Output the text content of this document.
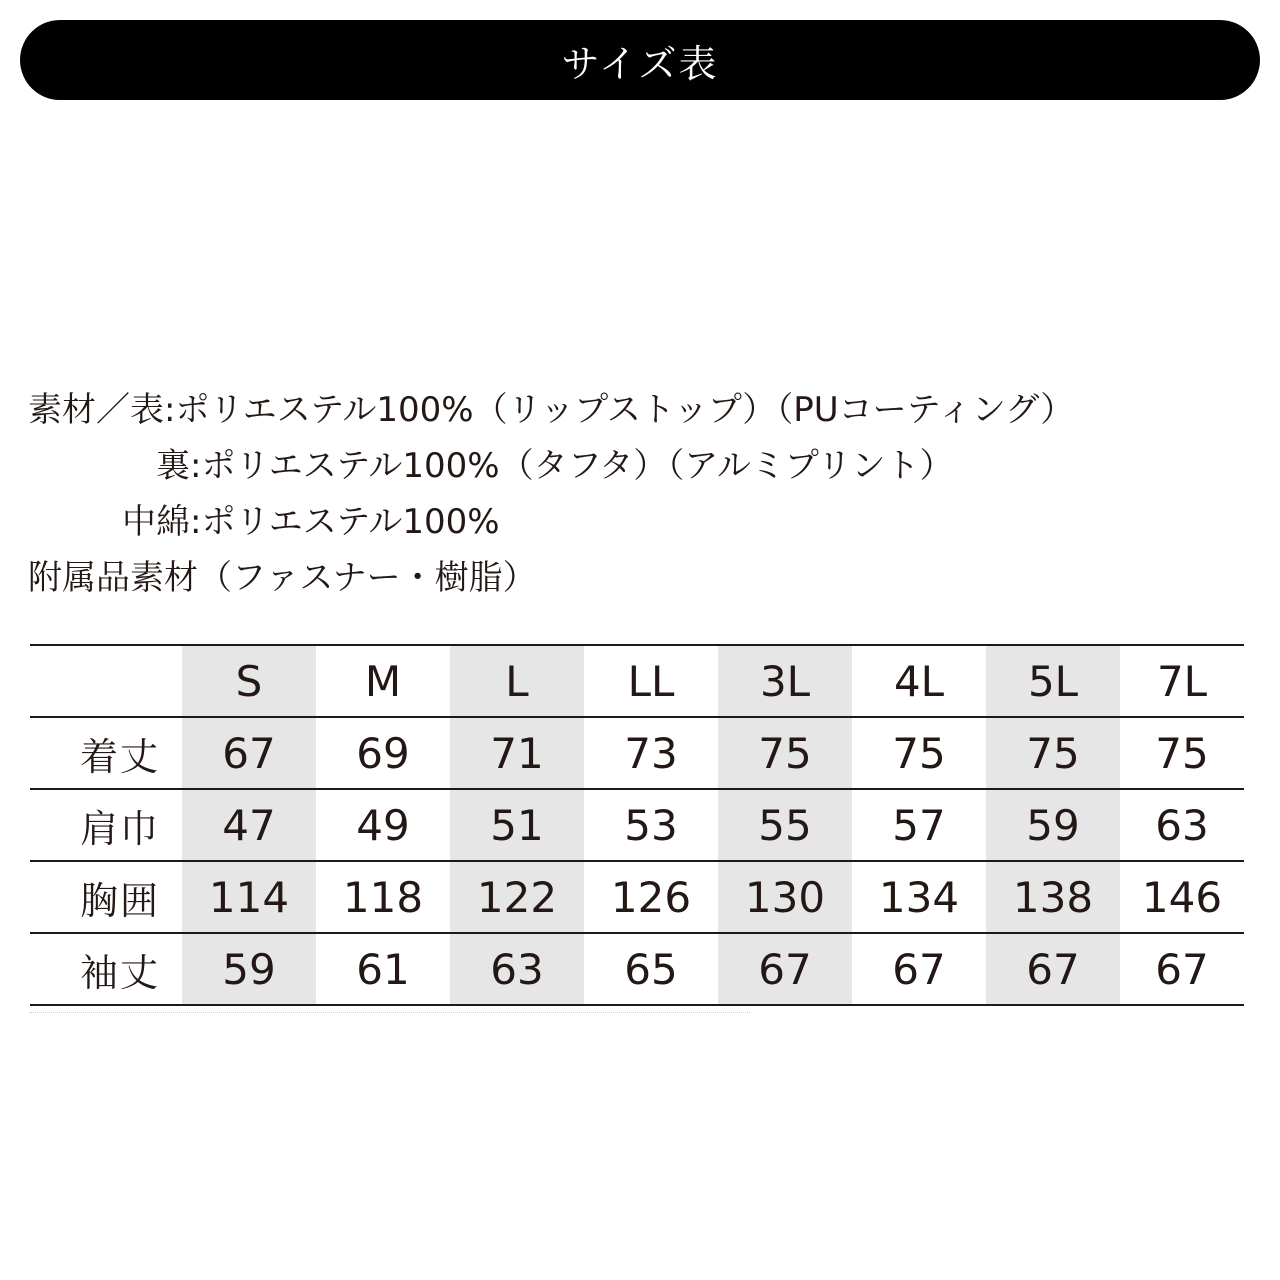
サイズ表
素材／表 : ポリエステル100%（リップストップ）（PUコーティング）
裏 : ポリエステル100%（タフタ）（アルミプリント）
中綿 : ポリエステル100%
附属品素材（ファスナー・樹脂）
	S	M	L	LL	3L	4L	5L	7L
着丈	67	69	71	73	75	75	75	75
肩巾	47	49	51	53	55	57	59	63
胸囲	114	118	122	126	130	134	138	146
袖丈	59	61	63	65	67	67	67	67
